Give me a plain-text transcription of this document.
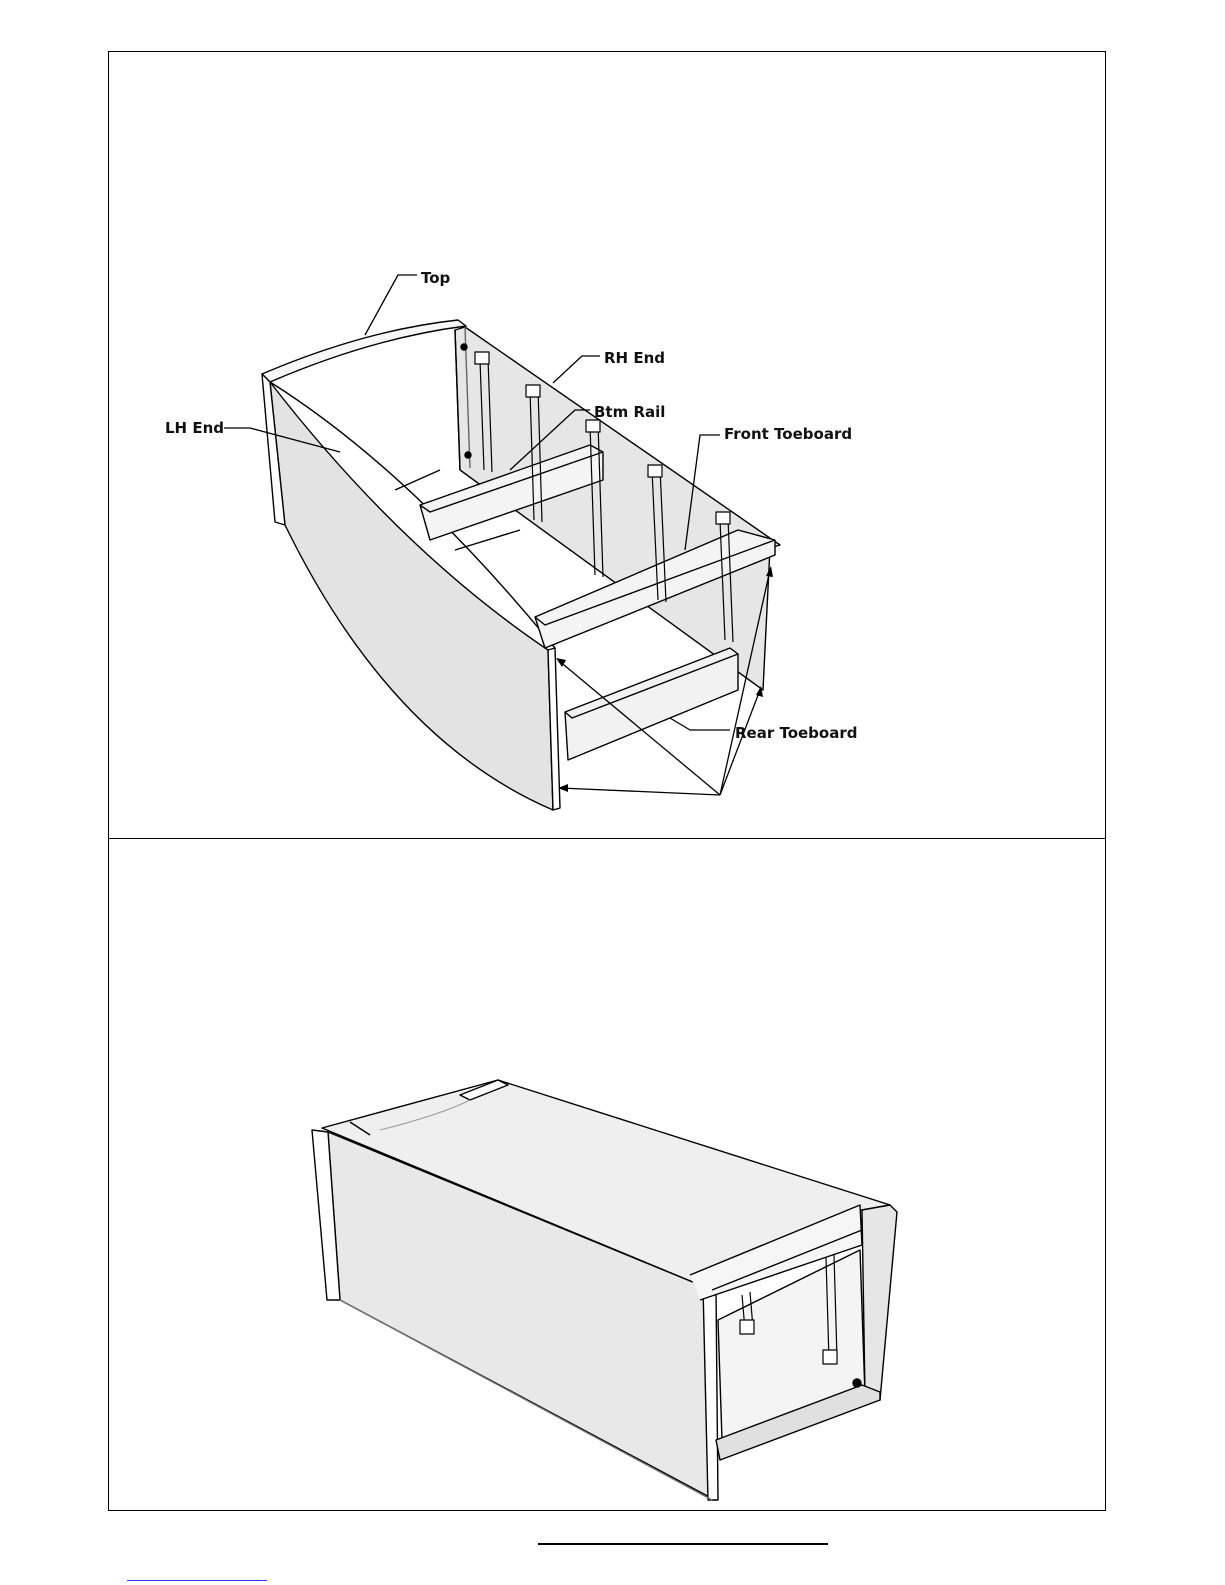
Top
RH End
Btm Rail
LH End	Front Toeboard
Rear Toeboard
